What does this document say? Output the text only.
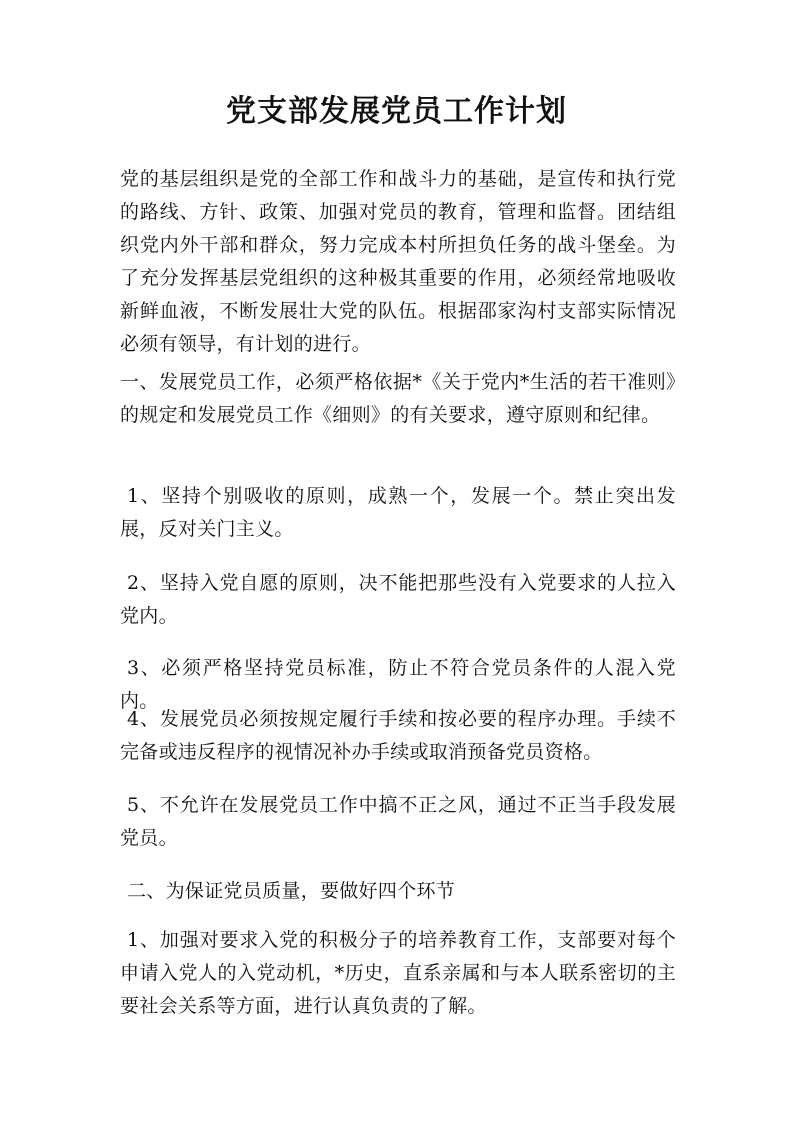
党支部发展党员工作计划

党的基层组织是党的全部工作和战斗力的基础，是宣传和执行党的路线、方针、政策、加强对党员的教育，管理和监督。团结组织党内外干部和群众，努力完成本村所担负任务的战斗堡垒。为了充分发挥基层党组织的这种极其重要的作用，必须经常地吸收新鲜血液，不断发展壮大党的队伍。根据邵家沟村支部实际情况必须有领导，有计划的进行。

一、发展党员工作，必须严格依据*《关于党内*生活的若干准则》的规定和发展党员工作《细则》的有关要求，遵守原则和纪律。

1、坚持个别吸收的原则，成熟一个，发展一个。禁止突出发展，反对关门主义。

2、坚持入党自愿的原则，决不能把那些没有入党要求的人拉入党内。

3、必须严格坚持党员标准，防止不符合党员条件的人混入党内。

4、发展党员必须按规定履行手续和按必要的程序办理。手续不完备或违反程序的视情况补办手续或取消预备党员资格。

5、不允许在发展党员工作中搞不正之风，通过不正当手段发展党员。

二、为保证党员质量，要做好四个环节

1、加强对要求入党的积极分子的培养教育工作，支部要对每个申请入党人的入党动机，*历史，直系亲属和与本人联系密切的主要社会关系等方面，进行认真负责的了解。
